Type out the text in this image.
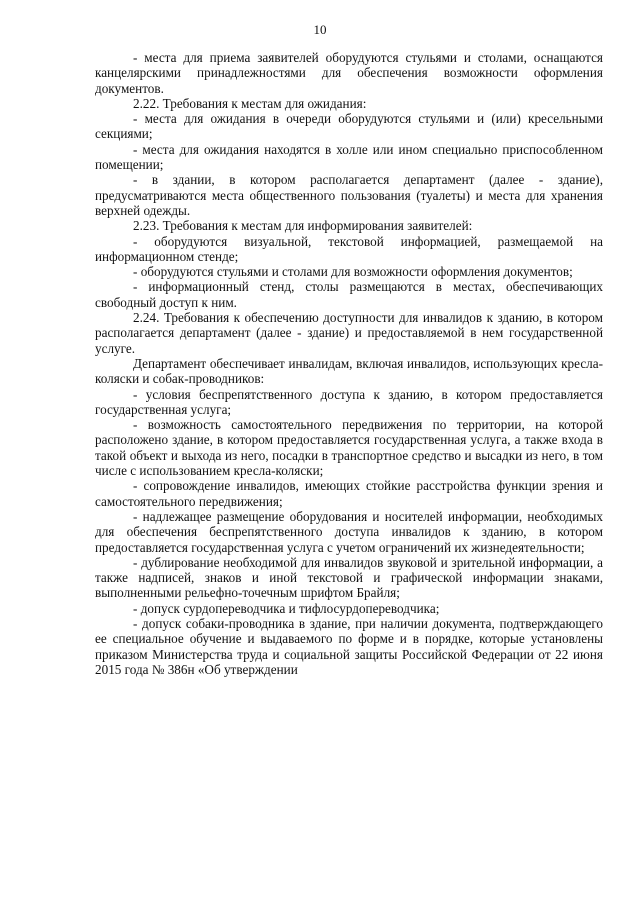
10

- места для приема заявителей оборудуются стульями и столами, оснащаются канцелярскими принадлежностями для обеспечения возможности оформления документов.

2.22. Требования к местам для ожидания:

- места для ожидания в очереди оборудуются стульями и (или) кресельными секциями;

- места для ожидания находятся в холле или ином специально приспособленном помещении;

- в здании, в котором располагается департамент (далее - здание), предусматриваются места общественного пользования (туалеты) и места для хранения верхней одежды.

2.23. Требования к местам для информирования заявителей:

- оборудуются визуальной, текстовой информацией, размещаемой на информационном стенде;

- оборудуются стульями и столами для возможности оформления документов;

- информационный стенд, столы размещаются в местах, обеспечивающих свободный доступ к ним.

2.24. Требования к обеспечению доступности для инвалидов к зданию, в котором располагается департамент (далее - здание) и предоставляемой в нем государственной услуге.

Департамент обеспечивает инвалидам, включая инвалидов, использующих кресла-коляски и собак-проводников:

- условия беспрепятственного доступа к зданию, в котором предоставляется государственная услуга;

- возможность самостоятельного передвижения по территории, на которой расположено здание, в котором предоставляется государственная услуга, а также входа в такой объект и выхода из него, посадки в транспортное средство и высадки из него, в том числе с использованием кресла-коляски;

- сопровождение инвалидов, имеющих стойкие расстройства функции зрения и самостоятельного передвижения;

- надлежащее размещение оборудования и носителей информации, необходимых для обеспечения беспрепятственного доступа инвалидов к зданию, в котором предоставляется государственная услуга с учетом ограничений их жизнедеятельности;

- дублирование необходимой для инвалидов звуковой и зрительной информации, а также надписей, знаков и иной текстовой и графической информации знаками, выполненными рельефно-точечным шрифтом Брайля;

- допуск сурдопереводчика и тифлосурдопереводчика;

- допуск собаки-проводника в здание, при наличии документа, подтверждающего ее специальное обучение и выдаваемого по форме и в порядке, которые установлены приказом Министерства труда и социальной защиты Российской Федерации от 22 июня 2015 года № 386н «Об утверждении
